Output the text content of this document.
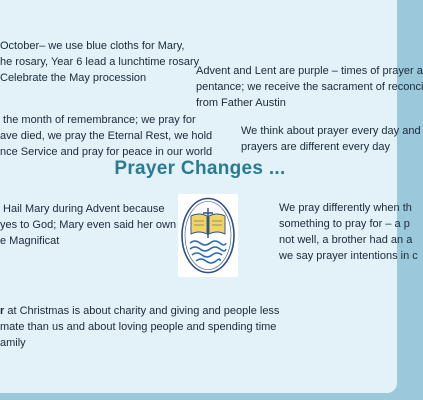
October– we use blue cloths for Mary,
he rosary, Year 6 lead a lunchtime rosary
Celebrate the May procession

Advent and Lent are purple – times of prayer a
pentance; we receive the sacrament of reconci
from Father Austin

the month of remembrance; we pray for
ave died, we pray the Eternal Rest, we hold
nce Service and pray for peace in our world

We think about prayer every day and
prayers are different every day

Prayer Changes ...

Hail Mary during Advent because
yes to God; Mary even said her own
e Magnificat

We pray differently when th
something to pray for – a p
not well, a brother had an a
we say prayer intentions in c

r at Christmas is about charity and giving and people less
mate than us and about loving people and spending time
amily
